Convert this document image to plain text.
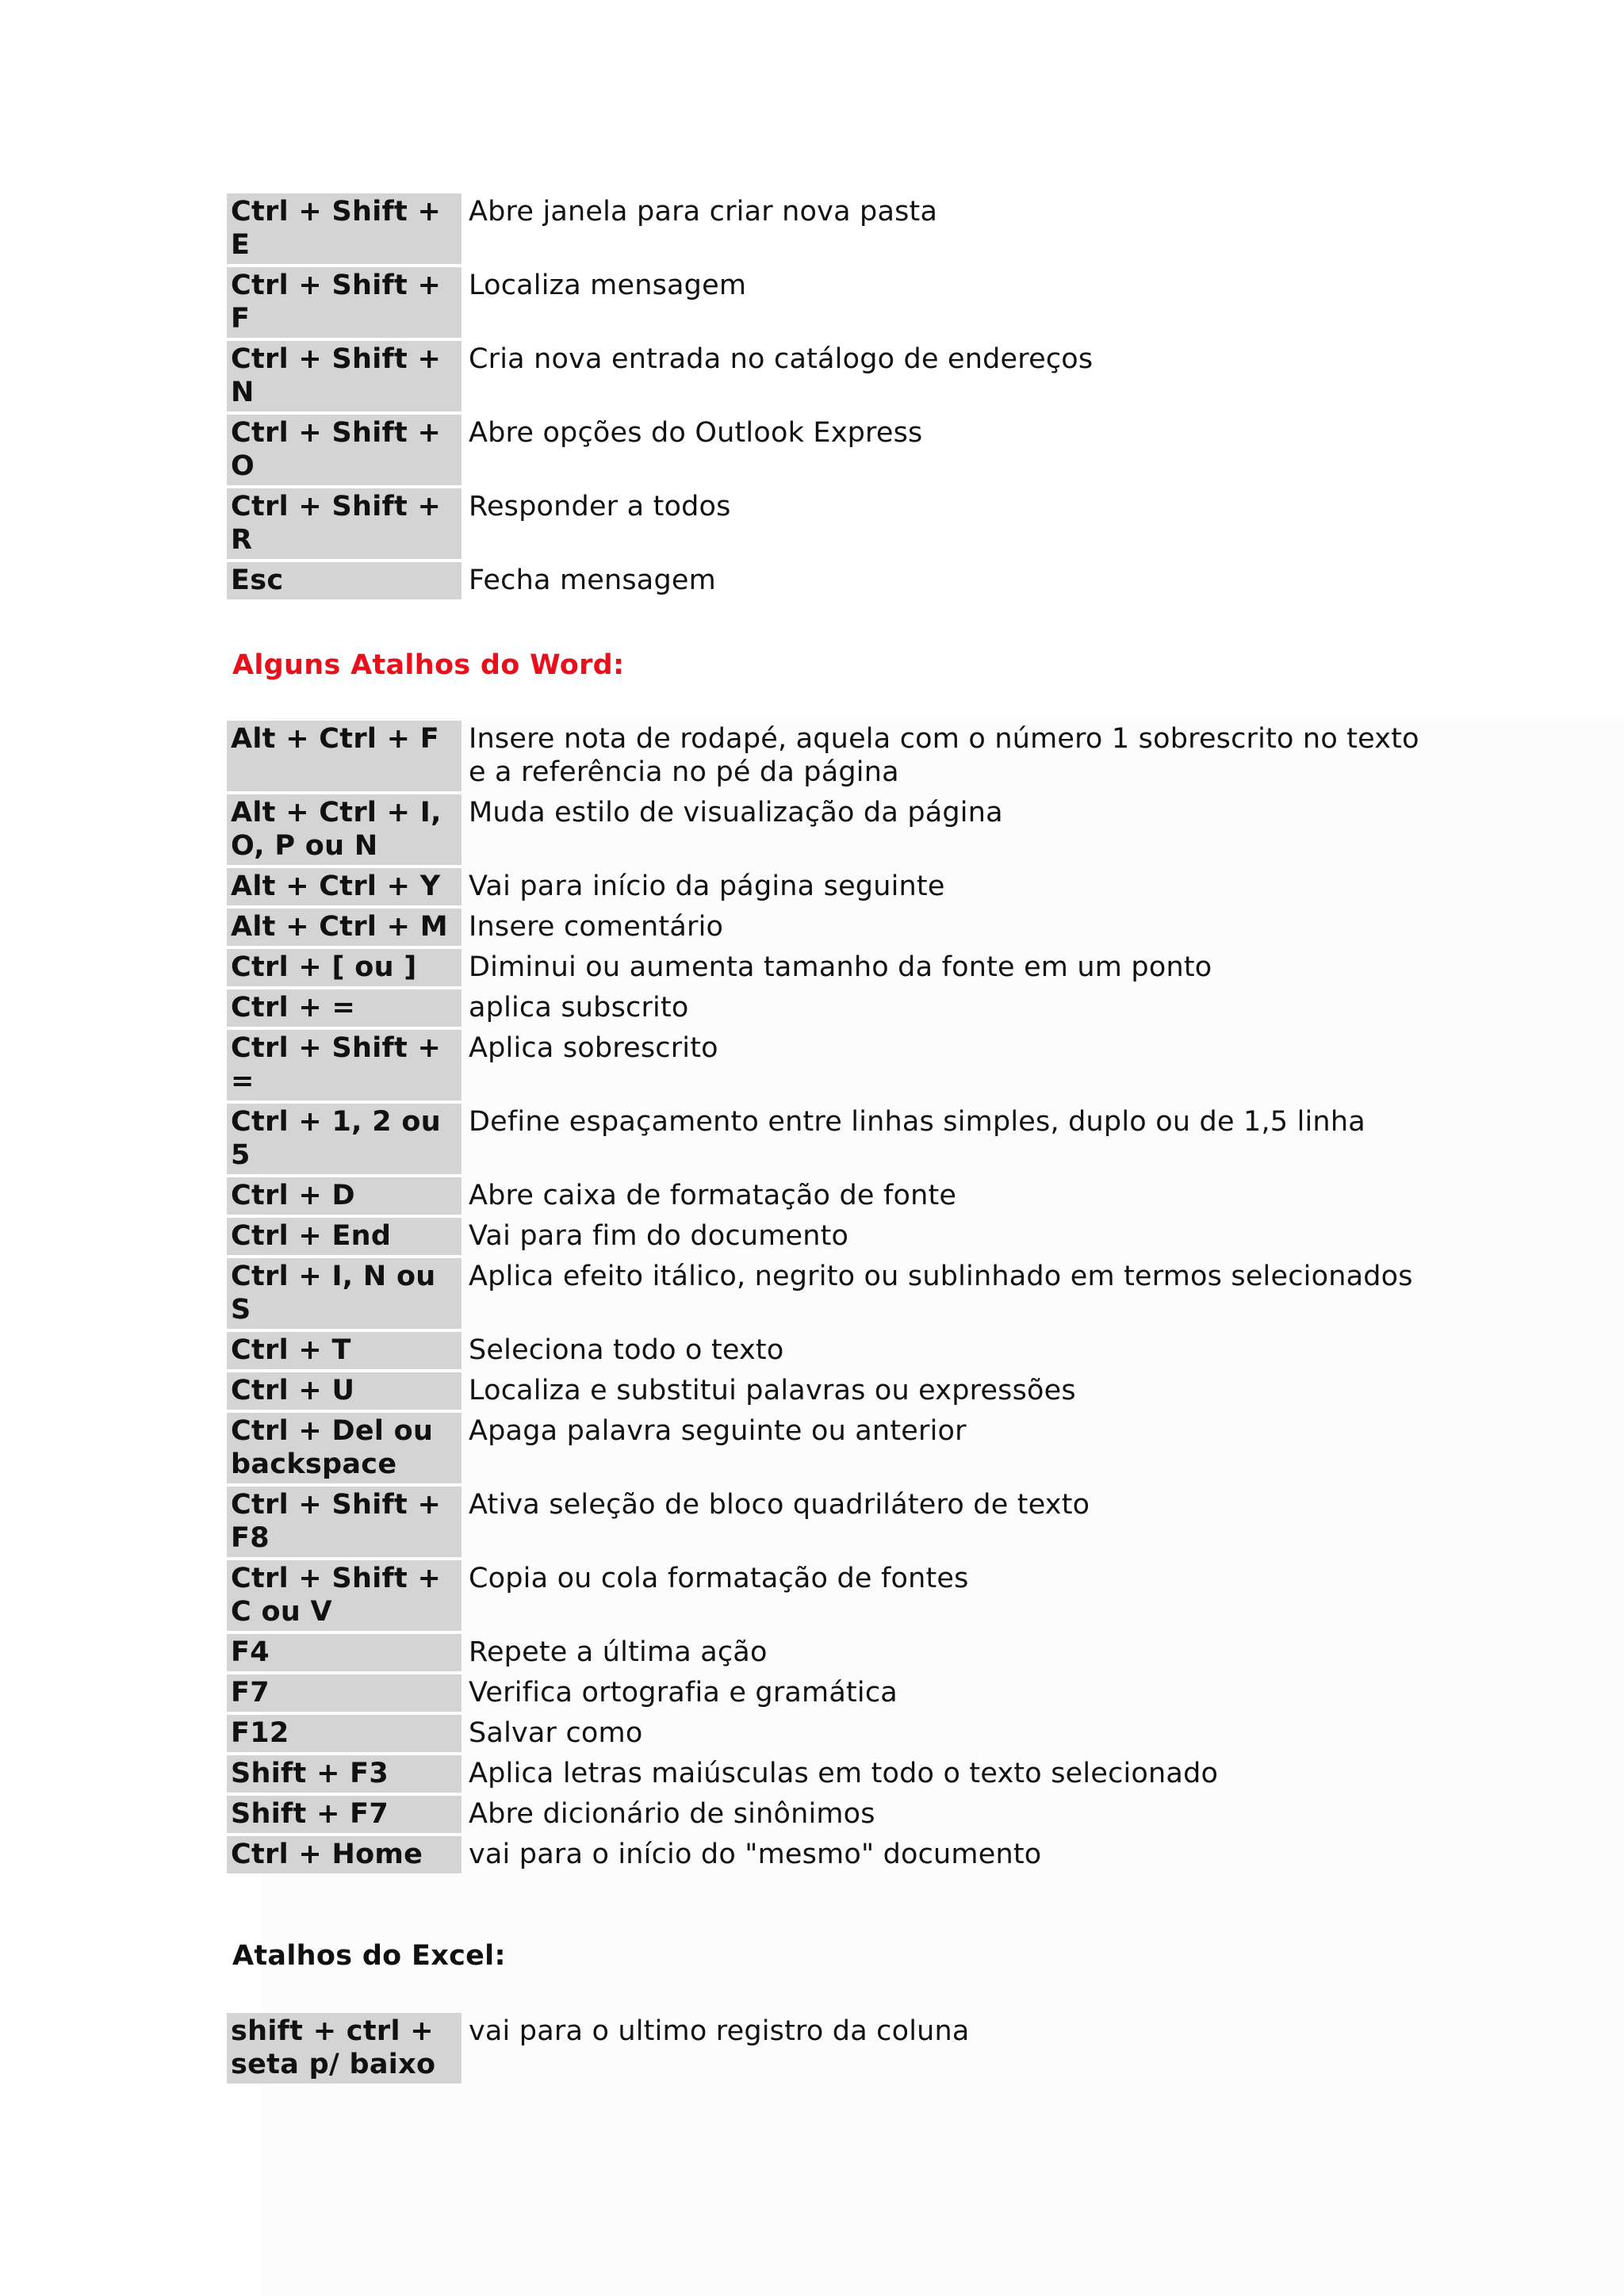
Ctrl + Shift + E	Abre janela para criar nova pasta
Ctrl + Shift + F	Localiza mensagem
Ctrl + Shift + N	Cria nova entrada no catálogo de endereços
Ctrl + Shift + O	Abre opções do Outlook Express
Ctrl + Shift + R	Responder a todos
Esc	Fecha mensagem
Alguns Atalhos do Word:
Alt + Ctrl + F	Insere nota de rodapé, aquela com o número 1 sobrescrito no texto e a referência no pé da página
Alt + Ctrl + I, O, P ou N	Muda estilo de visualização da página
Alt + Ctrl + Y	Vai para início da página seguinte
Alt + Ctrl + M	Insere comentário
Ctrl + [ ou ]	Diminui ou aumenta tamanho da fonte em um ponto
Ctrl + =	aplica subscrito
Ctrl + Shift + =	Aplica sobrescrito
Ctrl + 1, 2 ou 5	Define espaçamento entre linhas simples, duplo ou de 1,5 linha
Ctrl + D	Abre caixa de formatação de fonte
Ctrl + End	Vai para fim do documento
Ctrl + I, N ou S	Aplica efeito itálico, negrito ou sublinhado em termos selecionados
Ctrl + T	Seleciona todo o texto
Ctrl + U	Localiza e substitui palavras ou expressões
Ctrl + Del ou backspace	Apaga palavra seguinte ou anterior
Ctrl + Shift + F8	Ativa seleção de bloco quadrilátero de texto
Ctrl + Shift + C ou V	Copia ou cola formatação de fontes
F4	Repete a última ação
F7	Verifica ortografia e gramática
F12	Salvar como
Shift + F3	Aplica letras maiúsculas em todo o texto selecionado
Shift + F7	Abre dicionário de sinônimos
Ctrl + Home	vai para o início do "mesmo" documento
Atalhos do Excel:
shift + ctrl + seta p/ baixo	vai para o ultimo registro da coluna
